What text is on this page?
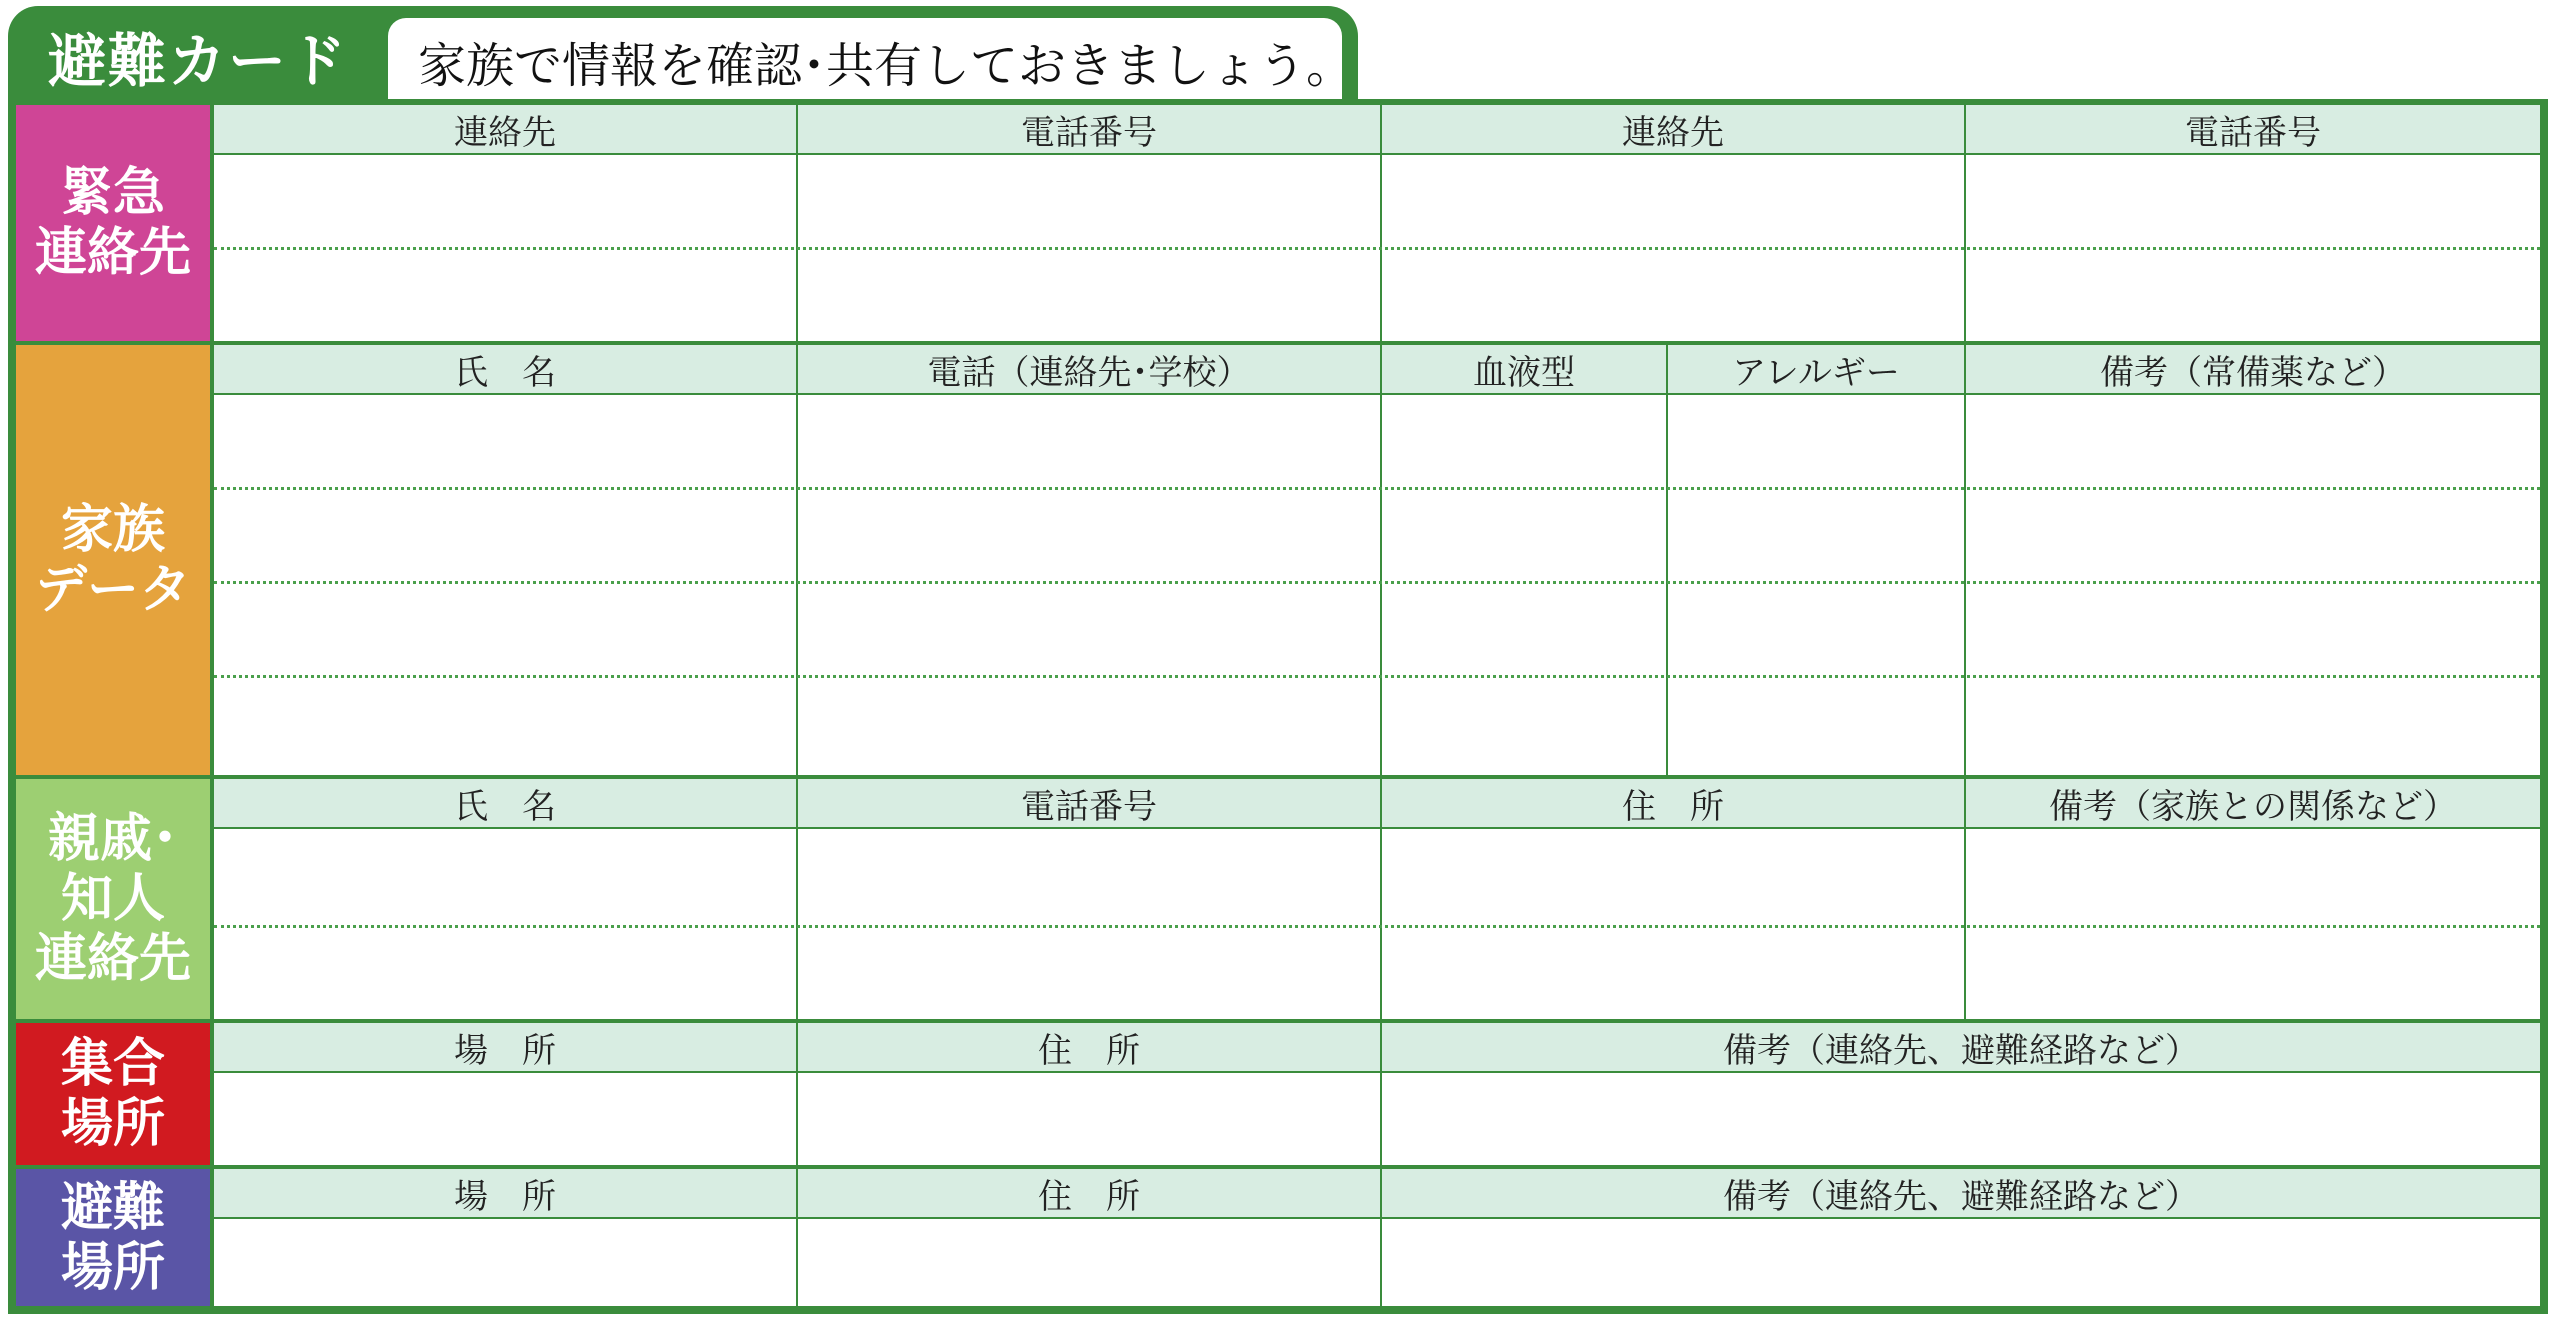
避難カード	家族で情報を確認･共有しておきましょう。
緊急
連絡先
連絡先	電話番号	連絡先	電話番号
家族
データ
氏　名	電話（連絡先･学校）	血液型	アレルギー	備考（常備薬など）
親戚･
知人
連絡先
氏　名	電話番号	住　所	備考（家族との関係など）
集合
場所
場　所	住　所	備考（連絡先、避難経路など）
避難
場所
場　所	住　所	備考（連絡先、避難経路など）
